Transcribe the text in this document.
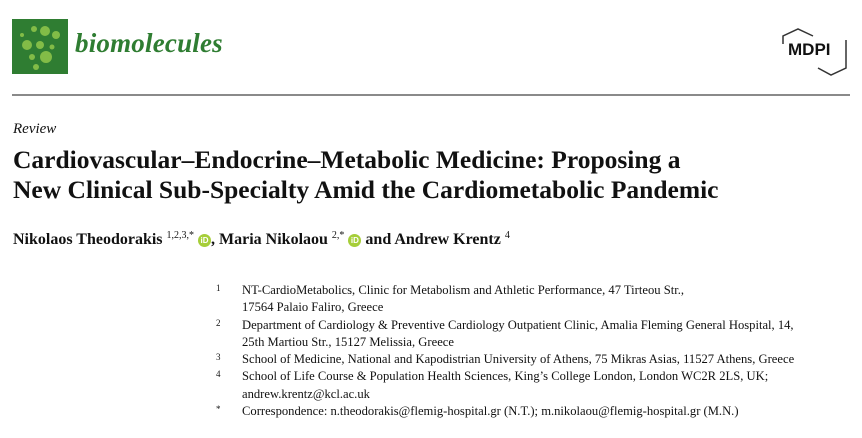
biomolecules	MDPI
Review
Cardiovascular–Endocrine–Metabolic Medicine: Proposing a
New Clinical Sub-Specialty Amid the Cardiometabolic Pandemic
Nikolaos Theodorakis $^{1,2,3,*}$ iD , Maria Nikolaou $^{2,*}$ iD and Andrew Krentz $^4$
1	NT-CardioMetabolics, Clinic for Metabolism and Athletic Performance, 47 Tirteou Str.,
17564 Palaio Faliro, Greece
2	Department of Cardiology & Preventive Cardiology Outpatient Clinic, Amalia Fleming General Hospital, 14,
25th Martiou Str., 15127 Melissia, Greece
3	School of Medicine, National and Kapodistrian University of Athens, 75 Mikras Asias, 11527 Athens, Greece
4	School of Life Course & Population Health Sciences, King’s College London, London WC2R 2LS, UK;
andrew.krentz@kcl.ac.uk
*	Correspondence: n.theodorakis@flemig-hospital.gr (N.T.); m.nikolaou@flemig-hospital.gr (M.N.)
